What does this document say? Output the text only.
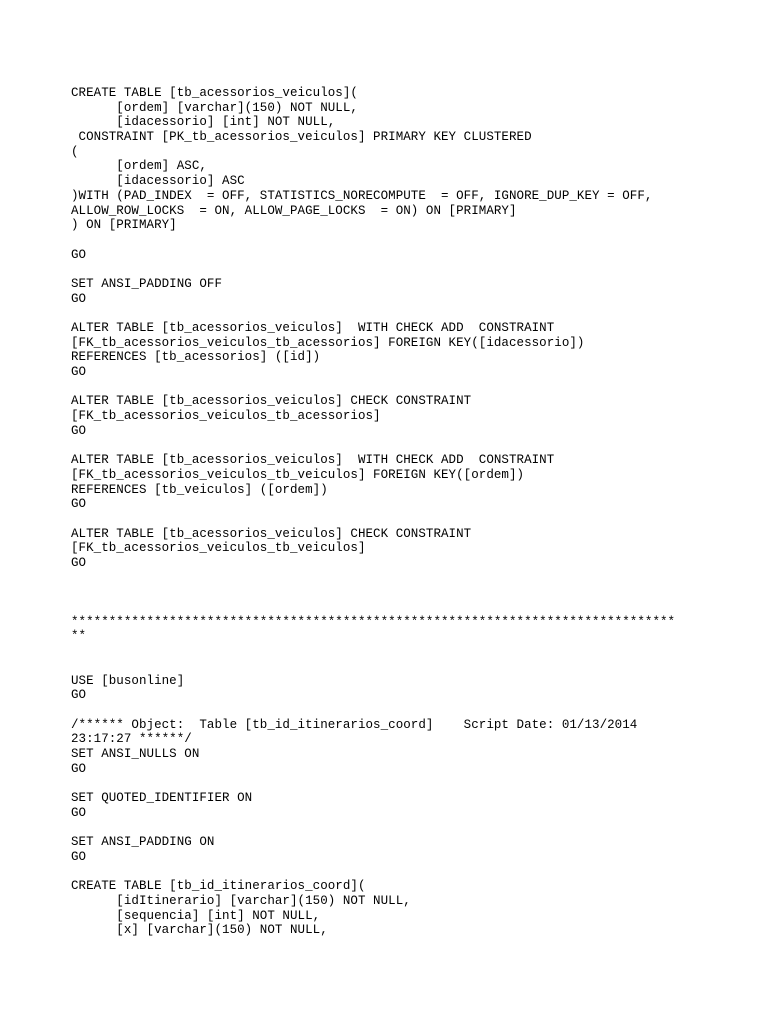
CREATE TABLE [tb_acessorios_veiculos](
[ordem] [varchar](150) NOT NULL,
[idacessorio] [int] NOT NULL,
CONSTRAINT [PK_tb_acessorios_veiculos] PRIMARY KEY CLUSTERED
(
[ordem] ASC,
[idacessorio] ASC
)WITH (PAD_INDEX  = OFF, STATISTICS_NORECOMPUTE  = OFF, IGNORE_DUP_KEY = OFF,
ALLOW_ROW_LOCKS  = ON, ALLOW_PAGE_LOCKS  = ON) ON [PRIMARY]
) ON [PRIMARY]
GO
SET ANSI_PADDING OFF
GO
ALTER TABLE [tb_acessorios_veiculos]  WITH CHECK ADD  CONSTRAINT
[FK_tb_acessorios_veiculos_tb_acessorios] FOREIGN KEY([idacessorio])
REFERENCES [tb_acessorios] ([id])
GO
ALTER TABLE [tb_acessorios_veiculos] CHECK CONSTRAINT
[FK_tb_acessorios_veiculos_tb_acessorios]
GO
ALTER TABLE [tb_acessorios_veiculos]  WITH CHECK ADD  CONSTRAINT
[FK_tb_acessorios_veiculos_tb_veiculos] FOREIGN KEY([ordem])
REFERENCES [tb_veiculos] ([ordem])
GO
ALTER TABLE [tb_acessorios_veiculos] CHECK CONSTRAINT
[FK_tb_acessorios_veiculos_tb_veiculos]
GO
********************************************************************************
**
USE [busonline]
GO
/****** Object:  Table [tb_id_itinerarios_coord]    Script Date: 01/13/2014
23:17:27 ******/
SET ANSI_NULLS ON
GO
SET QUOTED_IDENTIFIER ON
GO
SET ANSI_PADDING ON
GO
CREATE TABLE [tb_id_itinerarios_coord](
[idItinerario] [varchar](150) NOT NULL,
[sequencia] [int] NOT NULL,
[x] [varchar](150) NOT NULL,
